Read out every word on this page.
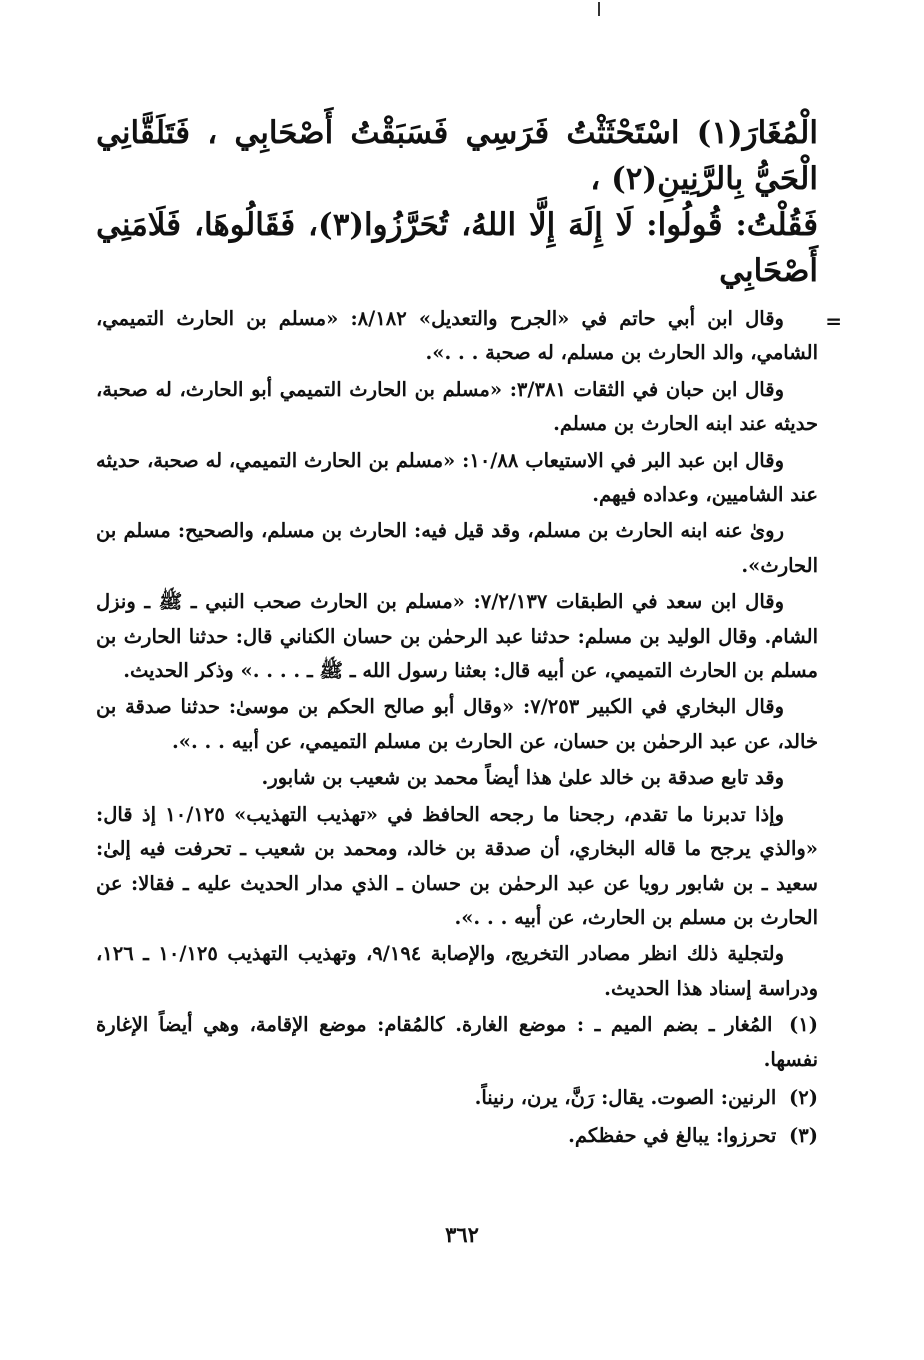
الْمُغَارَ(١) اسْتَحْثَثْتُ فَرَسِي فَسَبَقْتُ أَصْحَابِي ، فَتَلَقَّانِي الْحَيُّ بِالرَّنِينِ(٢) ،

فَقُلْتُ: قُولُوا: لَا إِلَهَ إِلَّا اللهُ، تُحَرَّزُوا(٣)، فَقَالُوهَا، فَلَامَنِي أَصْحَابِي

=

وقال ابن أبي حاتم في «الجرح والتعديل» ٨/١٨٢: «مسلم بن الحارث التميمي، الشامي، والد الحارث بن مسلم، له صحبة . . .».

وقال ابن حبان في الثقات ٣/٣٨١: «مسلم بن الحارث التميمي أبو الحارث، له صحبة، حديثه عند ابنه الحارث بن مسلم.

وقال ابن عبد البر في الاستيعاب ١٠/٨٨: «مسلم بن الحارث التميمي، له صحبة، حديثه عند الشاميين، وعداده فيهم.

روىٰ عنه ابنه الحارث بن مسلم، وقد قيل فيه: الحارث بن مسلم، والصحيح: مسلم بن الحارث».

وقال ابن سعد في الطبقات ٧/٢/١٣٧: «مسلم بن الحارث صحب النبي ـ ﷺ ـ ونزل الشام. وقال الوليد بن مسلم: حدثنا عبد الرحمٰن بن حسان الكناني قال: حدثنا الحارث بن مسلم بن الحارث التميمي، عن أبيه قال: بعثنا رسول الله ـ ﷺ ـ . . . .» وذكر الحديث.

وقال البخاري في الكبير ٧/٢٥٣: «وقال أبو صالح الحكم بن موسىٰ: حدثنا صدقة بن خالد، عن عبد الرحمٰن بن حسان، عن الحارث بن مسلم التميمي، عن أبيه . . .».

وقد تابع صدقة بن خالد علىٰ هذا أيضاً محمد بن شعيب بن شابور.

وإذا تدبرنا ما تقدم، رجحنا ما رجحه الحافظ في «تهذيب التهذيب» ١٠/١٢٥ إذ قال: «والذي يرجح ما قاله البخاري، أن صدقة بن خالد، ومحمد بن شعيب ـ تحرفت فيه إلىٰ: سعيد ـ بن شابور رويا عن عبد الرحمٰن بن حسان ـ الذي مدار الحديث عليه ـ فقالا: عن الحارث بن مسلم بن الحارث، عن أبيه . . .».

ولتجلية ذلك انظر مصادر التخريج، والإصابة ٩/١٩٤، وتهذيب التهذيب ١٠/١٢٥ ـ ١٢٦، ودراسة إسناد هذا الحديث.

(١) المُغار ـ بضم الميم ـ : موضع الغارة. كالمُقام: موضع الإقامة، وهي أيضاً الإغارة نفسها.

(٢) الرنين: الصوت. يقال: رَنَّ، يرن، رنيناً.

(٣) تحرزوا: يبالغ في حفظكم.

٣٦٢
